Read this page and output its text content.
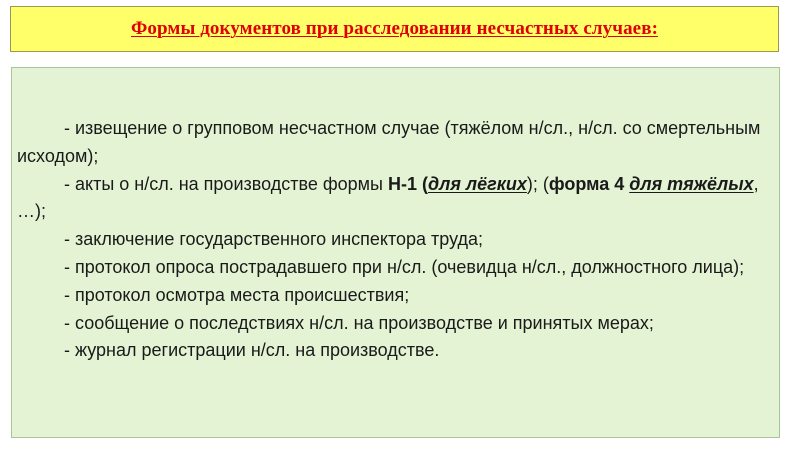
Формы документов при расследовании несчастных случаев:

- извещение о групповом несчастном случае (тяжёлом н/сл., н/сл. со смертельным исходом);

- акты о н/сл. на производстве формы Н-1 (для лёгких); (форма 4 для тяжёлых, …);

- заключение государственного инспектора труда;

- протокол опроса пострадавшего при н/сл. (очевидца н/сл., должностного лица);

- протокол осмотра места происшествия;

- сообщение о последствиях н/сл. на производстве и принятых мерах;

- журнал регистрации н/сл. на производстве.
